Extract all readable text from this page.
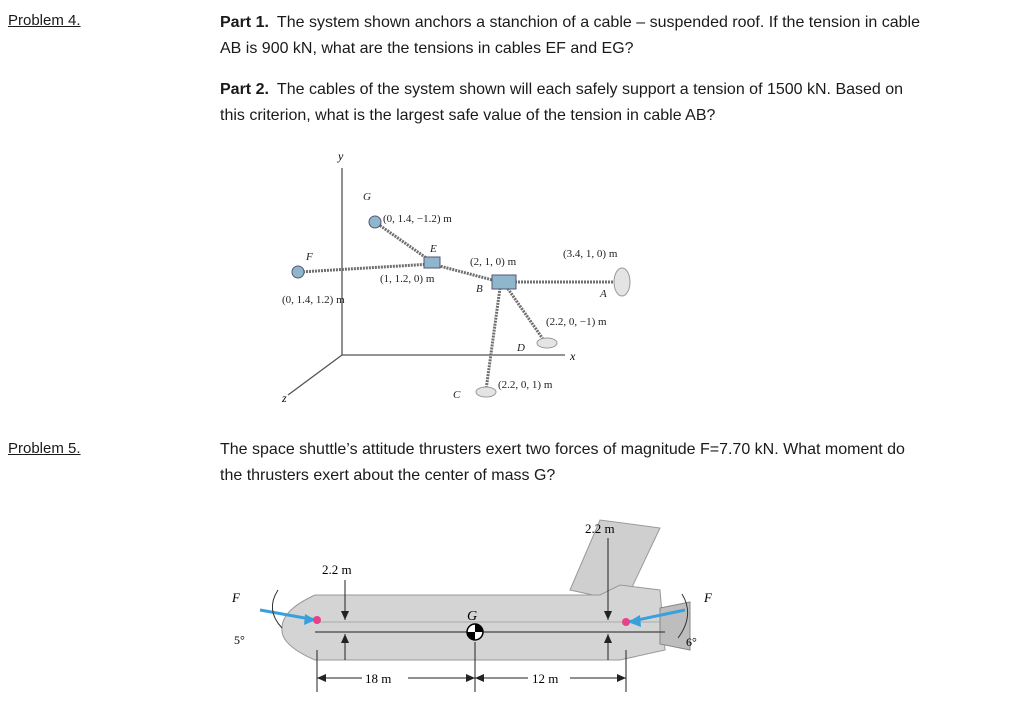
Problem 4.	Part 1. The system shown anchors a stanchion of a cable – suspended roof. If the tension in cable AB is 900 kN, what are the tensions in cables EF and EG?
Part 2. The cables of the system shown will each safely support a tension of 1500 kN. Based on this criterion, what is the largest safe value of the tension in cable AB?
y
x
z
G
(0, 1.4, −1.2) m
E
F
(0, 1.4, 1.2) m
(1, 1.2, 0) m
(2, 1, 0) m
B
(3.4, 1, 0) m
A
(2.2, 0, −1) m
D
(2.2, 0, 1) m
C
Problem 5.	The space shuttle’s attitude thrusters exert two forces of magnitude F=7.70 kN. What moment do the thrusters exert about the center of mass G?
G
F
5°
F
6°
2.2 m
2.2 m
18 m	12 m
